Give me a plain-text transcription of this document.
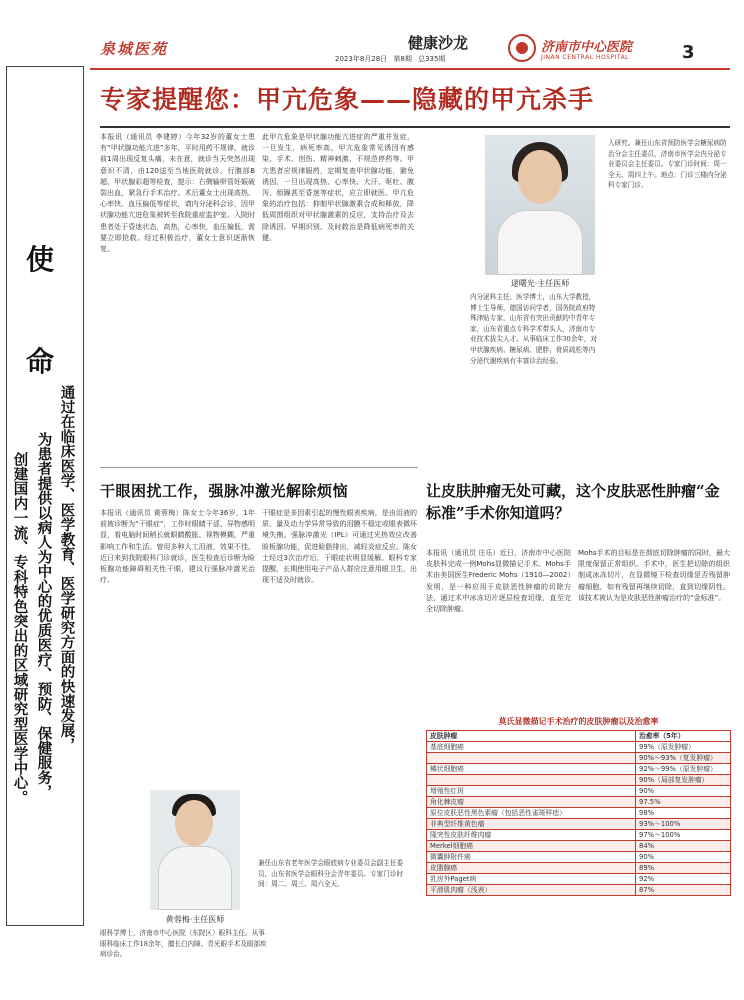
泉城医苑	健康沙龙
2023年8月28日 第8期 总335期
济南市中心医院
JINAN CENTRAL HOSPITAL	3
使
命
通过在临床医学、医学教育、医学研究方面的快速发展，
为患者提供以病人为中心的优质医疗、预防、保健服务，
创建国内一流、专科特色突出的区域研究型医学中心。
专家提醒您：甲亢危象——隐藏的甲亢杀手
本报讯（通讯员 李建婷）今年32岁的董女士患有“甲状腺功能亢进”多年，平时用药不规律，就诊前1周出现反复头痛，未在意，就诊当天突然出现意识不清，由120送至当地医院就诊，行腹部B超、甲状腺彩超等检查，提示：右侧输卵管妊娠破裂出血，紧急行手术治疗。术后董女士出现高热、心率快、血压偏低等症状，请内分泌科会诊，因甲状腺功能亢进危象被转至我院重症监护室。入院时患者处于昏迷状态，高热，心率快，血压偏低，需要立即抢救。经过积极治疗，董女士意识逐渐恢复。
此甲亢危象是甲状腺功能亢进症的严重并发症，一旦发生，病死率高。甲亢危象常见诱因有感染、手术、创伤、精神刺激、不规范停药等。甲亢患者应规律服药，定期复查甲状腺功能，避免诱因，一旦出现高热、心率快、大汗、呕吐、腹泻、烦躁甚至昏迷等症状，应立即就医。甲亢危象的治疗包括：抑制甲状腺激素合成和释放，降低周围组织对甲状腺激素的反应，支持治疗及去除诱因。早期识别、及时救治是降低病死率的关键。
逯曙光·主任医师
内分泌科主任，医学博士，山东大学教授，博士生导师，德国访问学者，国务院政府特殊津贴专家，山东省有突出贡献的中青年专家，山东省重点专科学术带头人，济南市专业技术拔尖人才。从事临床工作30余年，对甲状腺疾病、糖尿病、肥胖、骨质疏松等内分泌代谢疾病有丰富诊治经验。
入研究。兼任山东省预防医学会糖尿病防治分会主任委员，济南市医学会内分泌专业委员会主任委员。专家门诊时间：周一全天、周四上午。地点：门诊三楼内分泌科专家门诊。
干眼困扰工作，强脉冲激光解除烦恼
本报讯（通讯员 黄蓉梅）陈女士今年36岁，1年前被诊断为“干眼症”，工作时眼睛干涩、异物感明显，看电脑时间稍长就眼睛酸胀、视物模糊，严重影响工作和生活。曾用多种人工泪液，效果不佳。近日来到我院眼科门诊就诊，医生检查后诊断为睑板腺功能障碍相关性干眼，建议行强脉冲激光治疗。
干眼症是多因素引起的慢性眼表疾病，是由泪液的质、量及动力学异常导致的泪膜不稳定或眼表微环境失衡。强脉冲激光（IPL）可通过光热效应改善睑板腺功能，促进睑脂排出，减轻炎症反应。陈女士经过3次治疗后，干眼症状明显缓解。眼科专家提醒，长期使用电子产品人群应注意用眼卫生，出现不适及时就诊。
黄蓉梅·主任医师
眼科学博士，济南市中心医院（东院区）眼科主任。从事眼科临床工作18余年，擅长白内障、青光眼手术及眼部疾病诊治。
兼任山东省老年医学会眼底病专业委员会副主任委员，山东省医学会眼科分会青年委员。专家门诊时间：周二、周三、周六全天。
让皮肤肿瘤无处可藏，这个皮肤恶性肿瘤“金标准”手术你知道吗？
本报讯（通讯员 庄乐）近日，济南市中心医院皮肤科完成一例Mohs显微描记手术。Mohs手术由美国医生Frederic Mohs（1910—2002）发明，是一种应用于皮肤恶性肿瘤的切除方法，通过术中冰冻切片逐层检查切缘，直至完全切除肿瘤。
Mohs手术的目标是在彻底切除肿瘤的同时，最大限度保留正常组织。手术中，医生把切除的组织制成冰冻切片，在显微镜下检查切缘是否残留肿瘤细胞，如有残留再继续切除，直到切缘阴性。该技术被认为是皮肤恶性肿瘤治疗的“金标准”。
莫氏显微描记手术治疗的皮肤肿瘤以及治愈率
皮肤肿瘤	治愈率（5年）
基底细胞癌	99%（原发肿瘤）
	90%～93%（复发肿瘤）
鳞状细胞癌	92%～99%（原发肿瘤）
	90%（局部复发肿瘤）
增殖性红斑	90%
角化棘皮瘤	97.5%
原位皮肤恶性黑色素瘤（包括恶性雀斑样痣）	98%
非典型纤维黄色瘤	93%～100%
隆突性皮肤纤维肉瘤	97%～100%
Merkel细胞癌	84%
微囊肿附件癌	90%
皮脂腺癌	89%
乳房外Paget病	92%
平滑肌肉瘤（浅表）	87%
